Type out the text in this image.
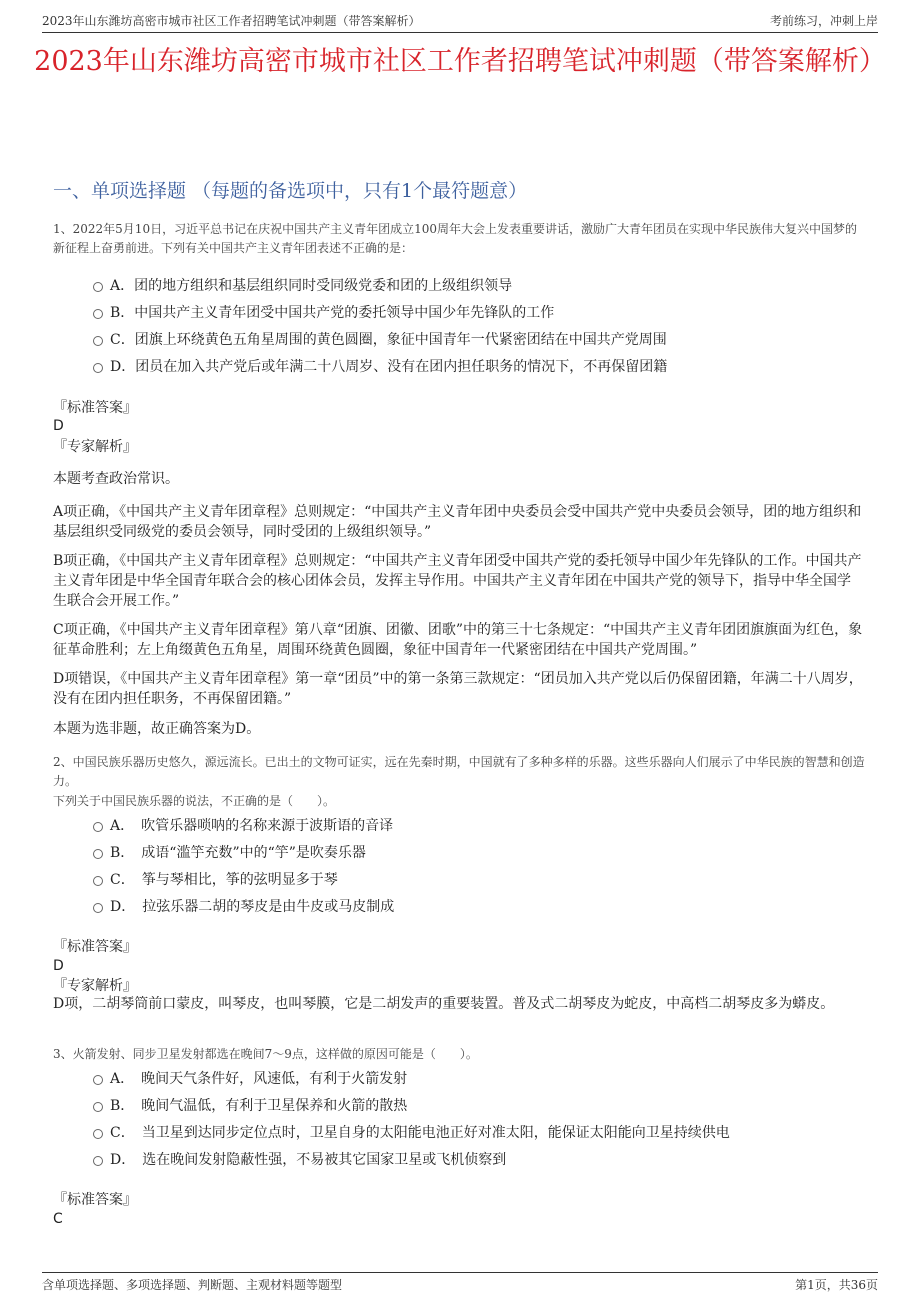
2023年山东潍坊高密市城市社区工作者招聘笔试冲刺题（带答案解析）	考前练习，冲刺上岸
2023年山东潍坊高密市城市社区工作者招聘笔试冲刺题（带答案解析）
一、单项选择题 （每题的备选项中，只有1个最符题意）
1、2022年5月10日，习近平总书记在庆祝中国共产主义青年团成立100周年大会上发表重要讲话，激励广大青年团员在实现中华民族伟大复兴中国梦的新征程上奋勇前进。下列有关中国共产主义青年团表述不正确的是：
A．团的地方组织和基层组织同时受同级党委和团的上级组织领导
B．中国共产主义青年团受中国共产党的委托领导中国少年先锋队的工作
C．团旗上环绕黄色五角星周围的黄色圆圈，象征中国青年一代紧密团结在中国共产党周围
D．团员在加入共产党后或年满二十八周岁、没有在团内担任职务的情况下，不再保留团籍
『标准答案』
D
『专家解析』
本题考查政治常识。
A项正确，《中国共产主义青年团章程》总则规定：“中国共产主义青年团中央委员会受中国共产党中央委员会领导，团的地方组织和基层组织受同级党的委员会领导，同时受团的上级组织领导。”
B项正确，《中国共产主义青年团章程》总则规定：“中国共产主义青年团受中国共产党的委托领导中国少年先锋队的工作。中国共产主义青年团是中华全国青年联合会的核心团体会员，发挥主导作用。中国共产主义青年团在中国共产党的领导下，指导中华全国学生联合会开展工作。”
C项正确，《中国共产主义青年团章程》第八章“团旗、团徽、团歌”中的第三十七条规定：“中国共产主义青年团团旗旗面为红色，象征革命胜利；左上角缀黄色五角星，周围环绕黄色圆圈，象征中国青年一代紧密团结在中国共产党周围。”
D项错误，《中国共产主义青年团章程》第一章“团员”中的第一条第三款规定：“团员加入共产党以后仍保留团籍，年满二十八周岁，没有在团内担任职务，不再保留团籍。”
本题为选非题，故正确答案为D。
2、中国民族乐器历史悠久，源远流长。已出土的文物可证实，远在先秦时期，中国就有了多种多样的乐器。这些乐器向人们展示了中华民族的智慧和创造力。
下列关于中国民族乐器的说法，不正确的是（　　）。
A．　吹管乐器唢呐的名称来源于波斯语的音译
B．　成语“滥竽充数”中的“竽”是吹奏乐器
C．　筝与琴相比，筝的弦明显多于琴
D．　拉弦乐器二胡的琴皮是由牛皮或马皮制成
『标准答案』
D
『专家解析』
D项，二胡琴筒前口蒙皮，叫琴皮，也叫琴膜，它是二胡发声的重要装置。普及式二胡琴皮为蛇皮，中高档二胡琴皮多为蟒皮。
3、火箭发射、同步卫星发射都选在晚间7～9点，这样做的原因可能是（　　）。
A．　晚间天气条件好，风速低，有利于火箭发射
B．　晚间气温低，有利于卫星保养和火箭的散热
C．　当卫星到达同步定位点时，卫星自身的太阳能电池正好对准太阳，能保证太阳能向卫星持续供电
D．　选在晚间发射隐蔽性强，不易被其它国家卫星或飞机侦察到
『标准答案』
C
含单项选择题、多项选择题、判断题、主观材料题等题型	第1页，共36页
